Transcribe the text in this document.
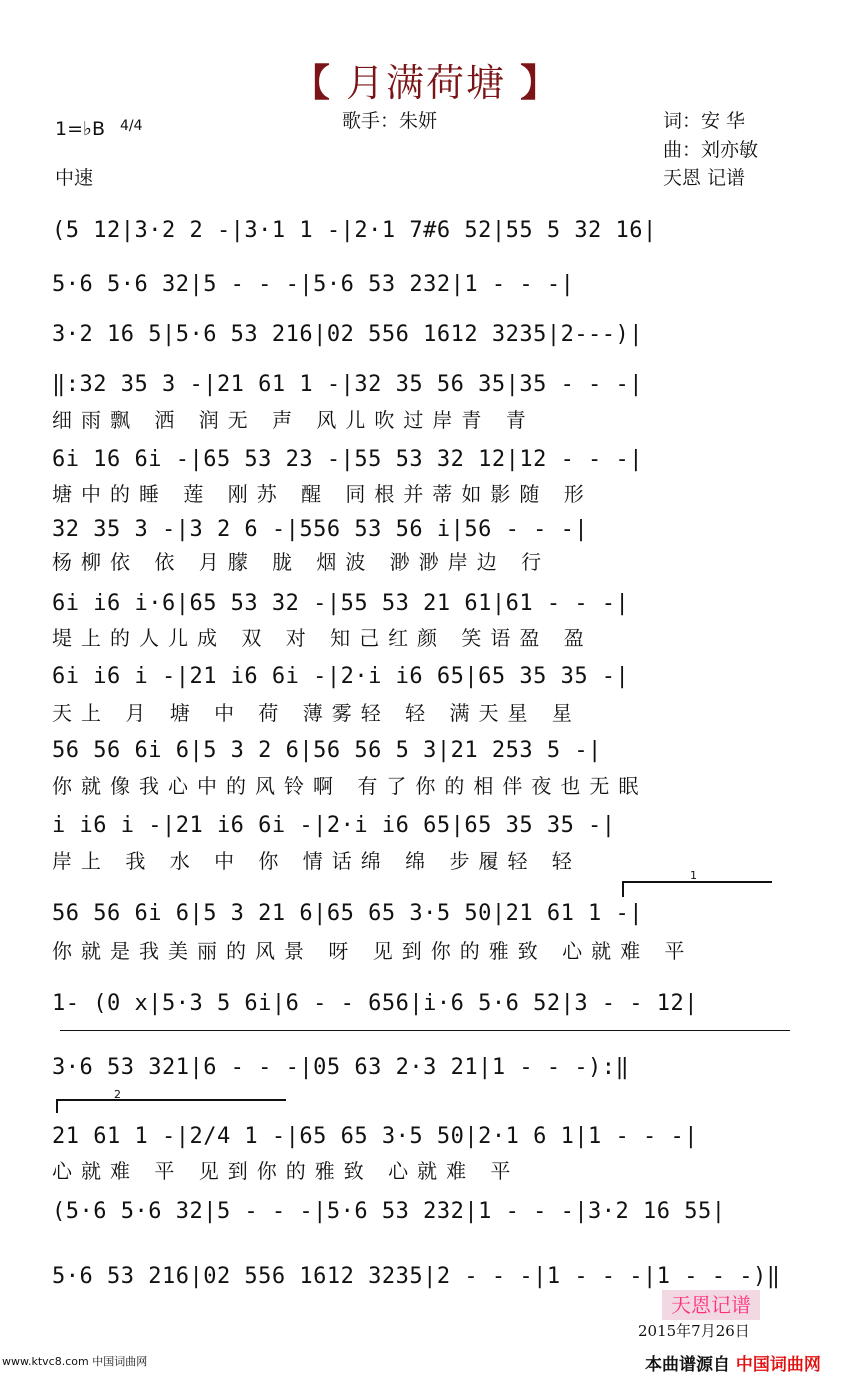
【 月满荷塘 】
歌手：朱妍
1=♭B 4/4
中速
词：安 华
曲：刘亦敏
天恩 记谱
(5 12|3·2 2 -|3·1 1 -|2·1 7#6 52|55 5 32 16|
5·6 5·6 32|5 - - -|5·6 53 232|1 - - -|
3·2 16 5|5·6 53 216|02 556 1612 3235|2---)|
‖:32 35 3 -|21 61 1 -|32 35 56 35|35 - - -|
细雨飘 洒 润无 声 风儿吹过岸青 青
6i 16 6i -|65 53 23 -|55 53 32 12|12 - - -|
塘中的睡 莲 刚苏 醒 同根并蒂如影随 形
32 35 3 -|3 2 6 -|556 53 56 i|56 - - -|
杨柳依 依 月朦 胧 烟波 渺渺岸边 行
6i i6 i·6|65 53 32 -|55 53 21 61|61 - - -|
堤上的人儿成 双 对 知己红颜 笑语盈 盈
6i i6 i -|21 i6 6i -|2·i i6 65|65 35 35 -|
天上 月 塘 中 荷 薄雾轻 轻 满天星 星
56 56 6i 6|5 3 2 6|56 56 5 3|21 253 5 -|
你就像我心中的风铃啊 有了你的相伴夜也无眠
i i6 i -|21 i6 6i -|2·i i6 65|65 35 35 -|
岸上 我 水 中 你 情话绵 绵 步履轻 轻
56 56 6i 6|5 3 21 6|65 65 3·5 50|21 61 1 -|
你就是我美丽的风景 呀 见到你的雅致 心就难 平
1- (0 x|5·3 5 6i|6 - - 656|i·6 5·6 52|3 - - 12|
3·6 53 321|6 - - -|05 63 2·3 21|1 - - -):‖
21 61 1 -|2/4 1 -|65 65 3·5 50|2·1 6 1|1 - - -|
心就难 平 见到你的雅致 心就难 平
(5·6 5·6 32|5 - - -|5·6 53 232|1 - - -|3·2 16 55|
5·6 53 216|02 556 1612 3235|2 - - -|1 - - -|1 - - -)‖
1
2
天恩记谱
2015年7月26日
www.ktvc8.com 中国词曲网	本曲谱源自 中国词曲网
